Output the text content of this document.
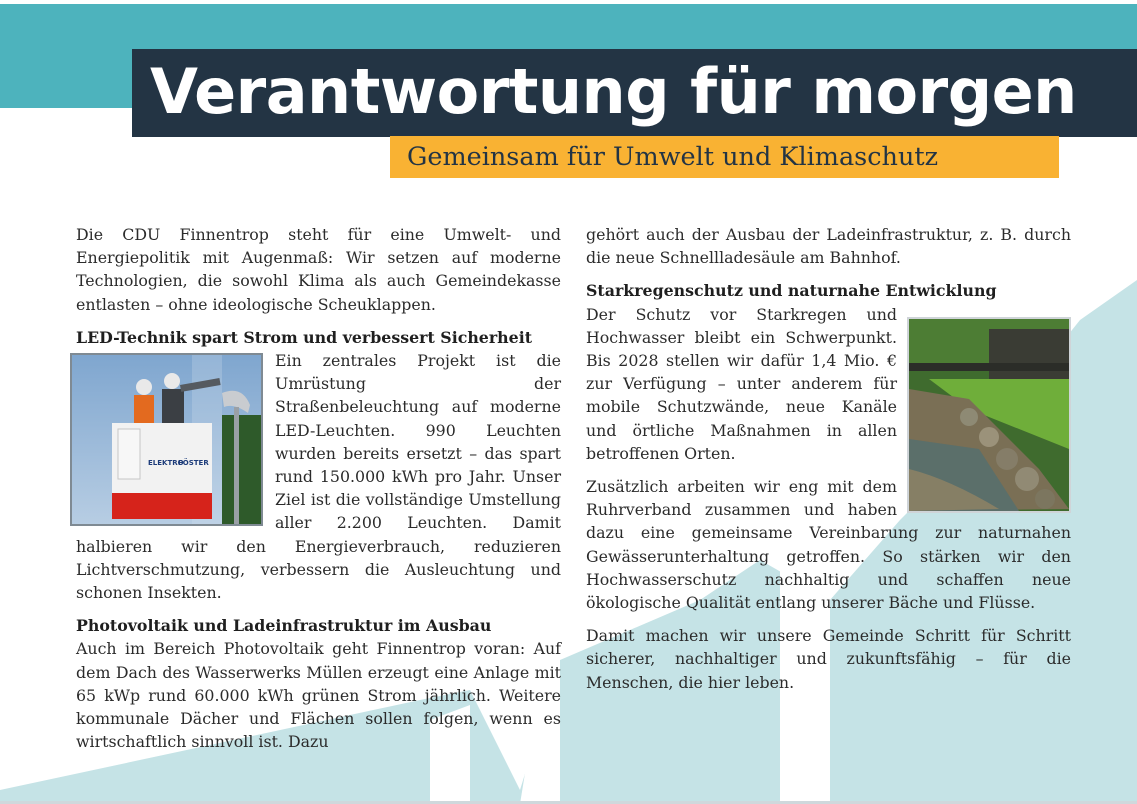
Verantwortung für morgen
Gemeinsam für Umwelt und Klimaschutz

Die CDU Finnentrop steht für eine Umwelt- und Energiepolitik mit Augenmaß: Wir setzen auf moderne Technologien, die sowohl Klima als auch Gemeindekasse entlasten – ohne ideologische Scheuklappen.

LED-Technik spart Strom und verbessert Sicherheit
ELEKTRO
FÖSTER

Ein zentrales Projekt ist die Umrüstung der Straßenbeleuchtung auf moderne LED-Leuchten. 990 Leuchten wurden bereits ersetzt – das spart rund 150.000 kWh pro Jahr. Unser Ziel ist die vollständige Umstellung aller 2.200 Leuchten. Damit halbieren wir den Energieverbrauch, reduzieren Lichtverschmutzung, verbessern die Ausleuchtung und schonen Insekten.

Photovoltaik und Ladeinfrastruktur im Ausbau

Auch im Bereich Photovoltaik geht Finnentrop voran: Auf dem Dach des Wasserwerks Müllen erzeugt eine Anlage mit 65 kWp rund 60.000 kWh grünen Strom jährlich. Weitere kommunale Dächer und Flächen sollen folgen, wenn es wirtschaftlich sinnvoll ist. Dazu

gehört auch der Ausbau der Ladeinfrastruktur, z. B. durch die neue Schnellladesäule am Bahnhof.

Starkregenschutz und naturnahe Entwicklung

Der Schutz vor Starkregen und Hochwasser bleibt ein Schwerpunkt. Bis 2028 stellen wir dafür 1,4 Mio. € zur Verfügung – unter anderem für mobile Schutzwände, neue Kanäle und örtliche Maßnahmen in allen betroffenen Orten.

Zusätzlich arbeiten wir eng mit dem Ruhrverband zusammen und haben dazu eine gemeinsame Vereinbarung zur naturnahen Gewässerunterhaltung getroffen. So stärken wir den Hochwasserschutz nachhaltig und schaffen neue ökologische Qualität entlang unserer Bäche und Flüsse.

Damit machen wir unsere Gemeinde Schritt für Schritt sicherer, nachhaltiger und zukunftsfähig – für die Menschen, die hier leben.
